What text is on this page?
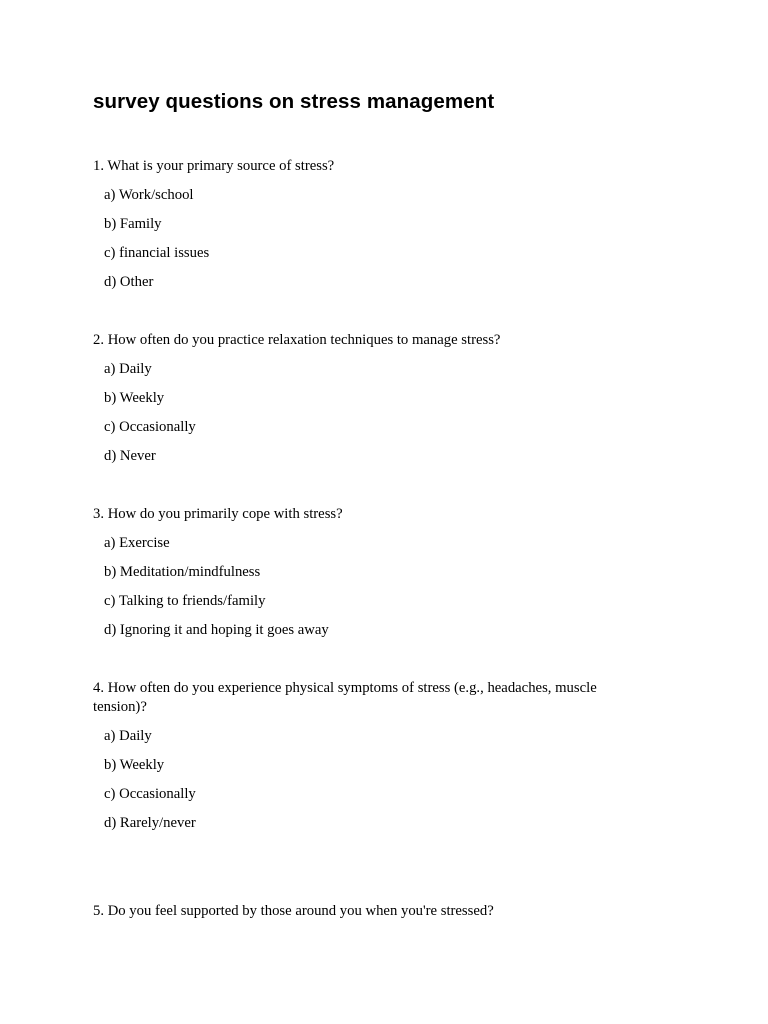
survey questions on stress management

1. What is your primary source of stress?

a) Work/school

b) Family

c) financial issues

d) Other

2. How often do you practice relaxation techniques to manage stress?

a) Daily

b) Weekly

c) Occasionally

d) Never

3. How do you primarily cope with stress?

a) Exercise

b) Meditation/mindfulness

c) Talking to friends/family

d) Ignoring it and hoping it goes away

4. How often do you experience physical symptoms of stress (e.g., headaches, muscle tension)?

a) Daily

b) Weekly

c) Occasionally

d) Rarely/never

5. Do you feel supported by those around you when you're stressed?
